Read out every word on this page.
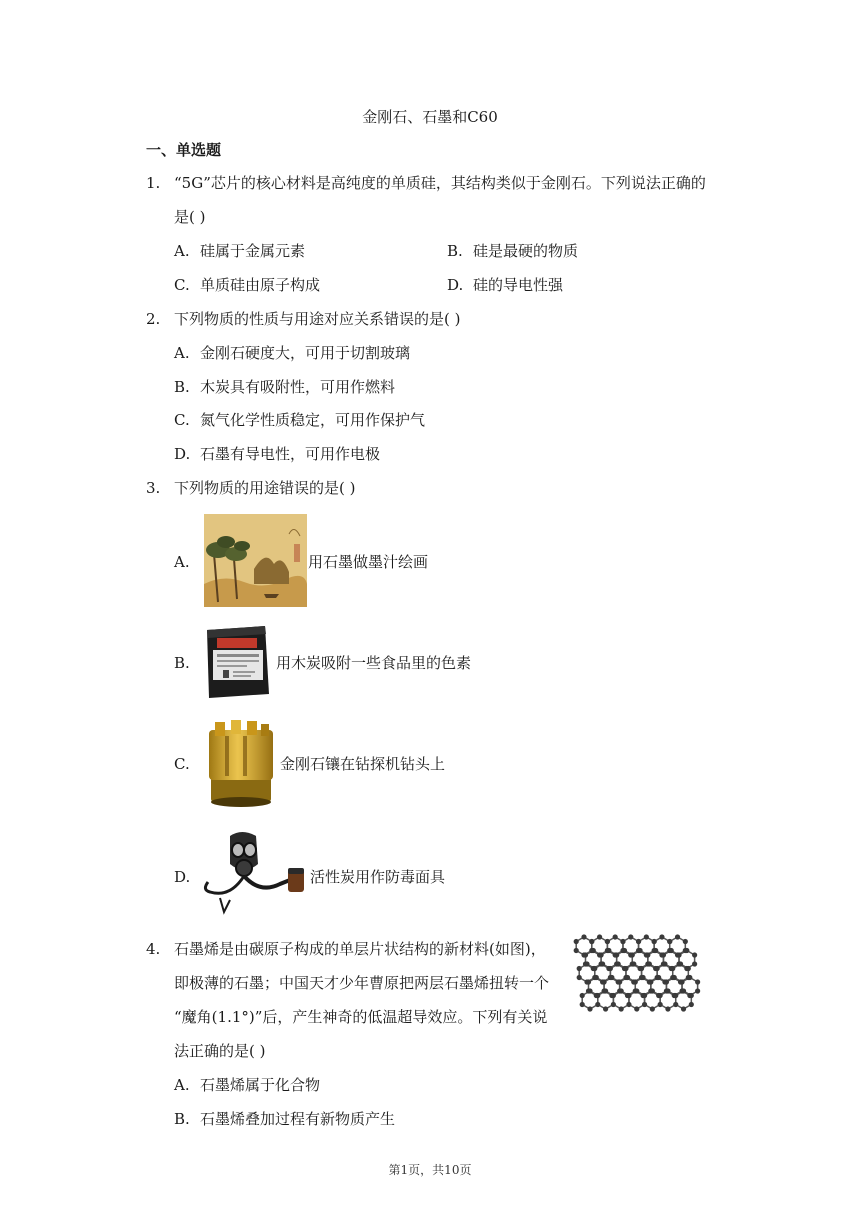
金刚石、石墨和C60
一、单选题
1. “5G”芯片的核心材料是高纯度的单质硅，其结构类似于金刚石。下列说法正确的
是( )
A. 硅属于金属元素	B. 硅是最硬的物质
C. 单质硅由原子构成	D. 硅的导电性强
2. 下列物质的性质与用途对应关系错误的是( )
A. 金刚石硬度大，可用于切割玻璃
B. 木炭具有吸附性，可用作燃料
C. 氮气化学性质稳定，可用作保护气
D. 石墨有导电性，可用作电极
3. 下列物质的用途错误的是( )
A.	用石墨做墨汁绘画
B.	用木炭吸附一些食品里的色素
C.	金刚石镶在钻探机钻头上
D.	活性炭用作防毒面具
4. 石墨烯是由碳原子构成的单层片状结构的新材料(如图)，
即极薄的石墨；中国天才少年曹原把两层石墨烯扭转一个
“魔角(1.1°)”后，产生神奇的低温超导效应。下列有关说
法正确的是( )
A. 石墨烯属于化合物
B. 石墨烯叠加过程有新物质产生
第1页，共10页
